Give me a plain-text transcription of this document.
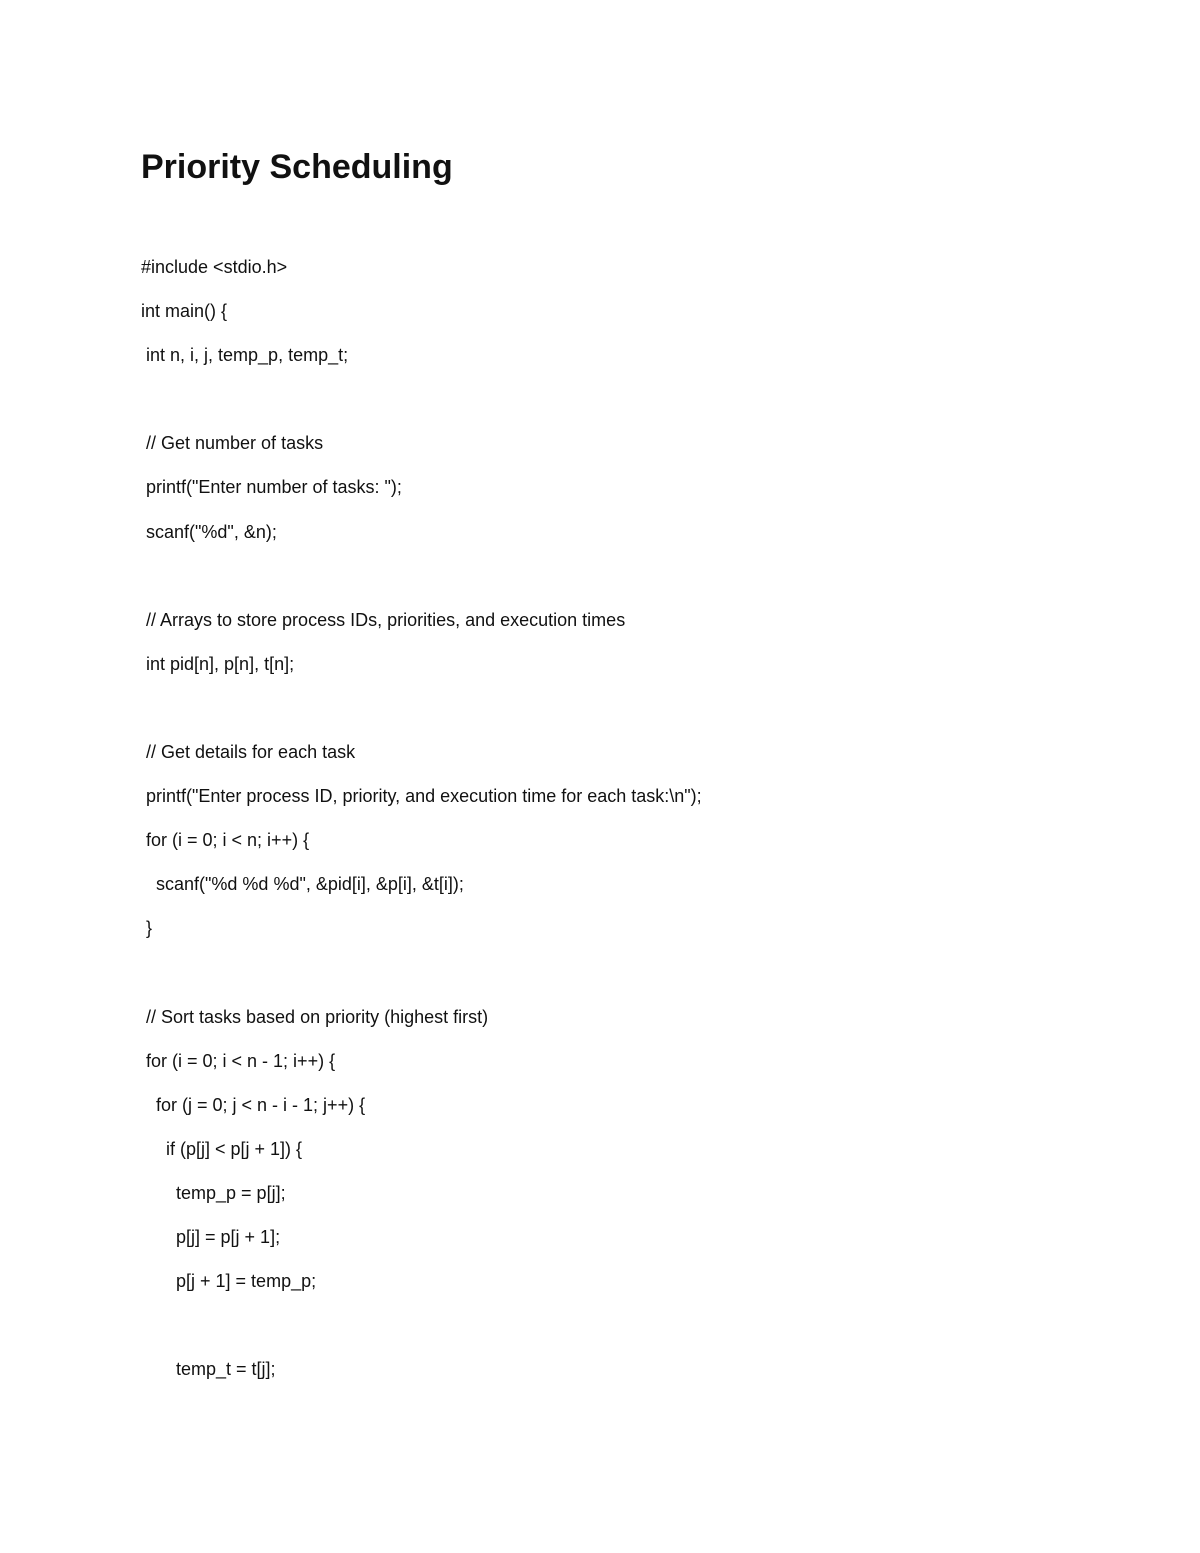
Priority Scheduling
#include <stdio.h>
int main() {
int n, i, j, temp_p, temp_t;
// Get number of tasks
printf("Enter number of tasks: ");
scanf("%d", &n);
// Arrays to store process IDs, priorities, and execution times
int pid[n], p[n], t[n];
// Get details for each task
printf("Enter process ID, priority, and execution time for each task:\n");
for (i = 0; i < n; i++) {
scanf("%d %d %d", &pid[i], &p[i], &t[i]);
}
// Sort tasks based on priority (highest first)
for (i = 0; i < n - 1; i++) {
for (j = 0; j < n - i - 1; j++) {
if (p[j] < p[j + 1]) {
temp_p = p[j];
p[j] = p[j + 1];
p[j + 1] = temp_p;
temp_t = t[j];
